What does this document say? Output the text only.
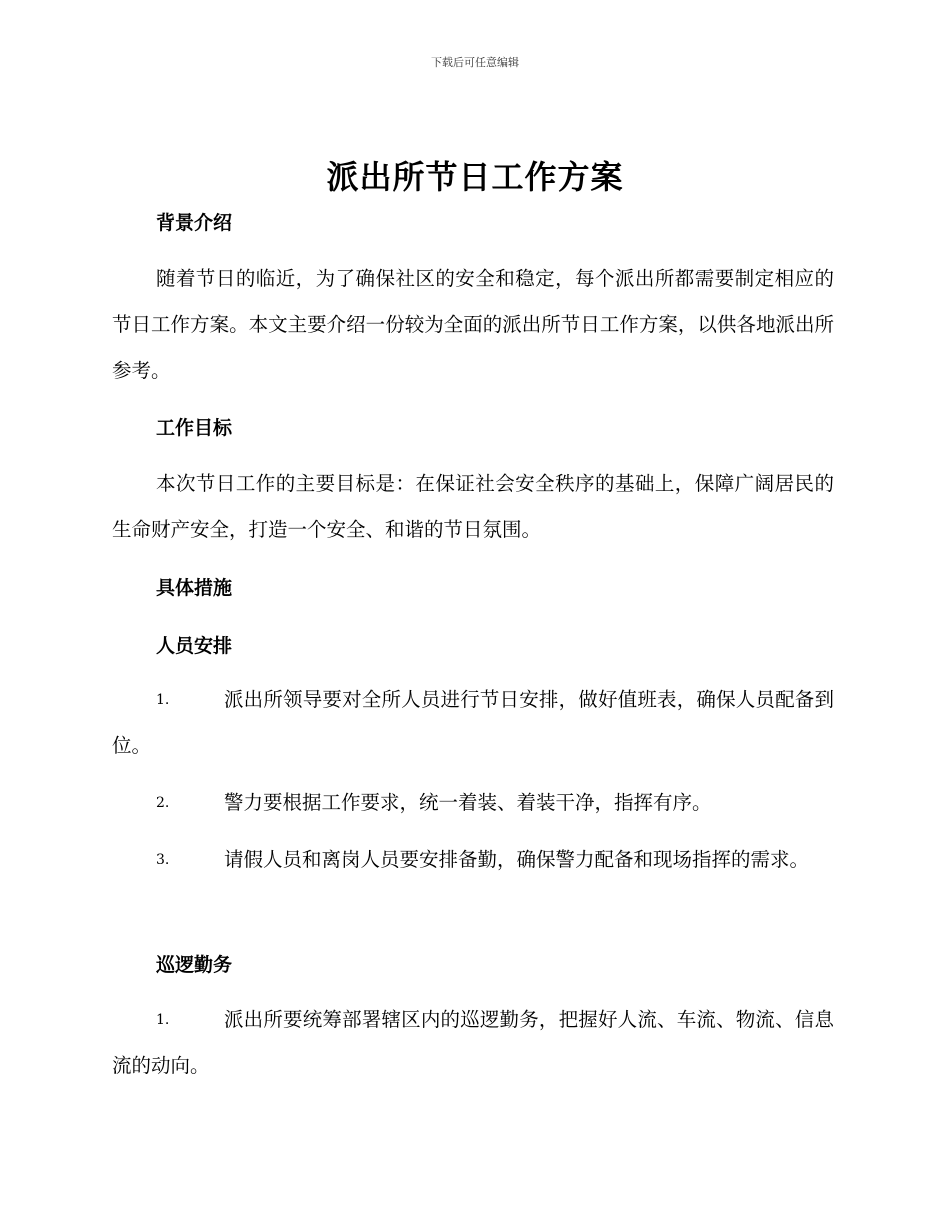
下载后可任意编辑
派出所节日工作方案
背景介绍
随着节日的临近，为了确保社区的安全和稳定，每个派出所都需要制定相应的节日工作方案。本文主要介绍一份较为全面的派出所节日工作方案，以供各地派出所参考。
工作目标
本次节日工作的主要目标是：在保证社会安全秩序的基础上，保障广阔居民的生命财产安全，打造一个安全、和谐的节日氛围。
具体措施
人员安排
1.	派出所领导要对全所人员进行节日安排，做好值班表，确保人员配备到位。
2.	警力要根据工作要求，统一着装、着装干净，指挥有序。
3.	请假人员和离岗人员要安排备勤，确保警力配备和现场指挥的需求。
巡逻勤务
1.	派出所要统筹部署辖区内的巡逻勤务，把握好人流、车流、物流、信息流的动向。
